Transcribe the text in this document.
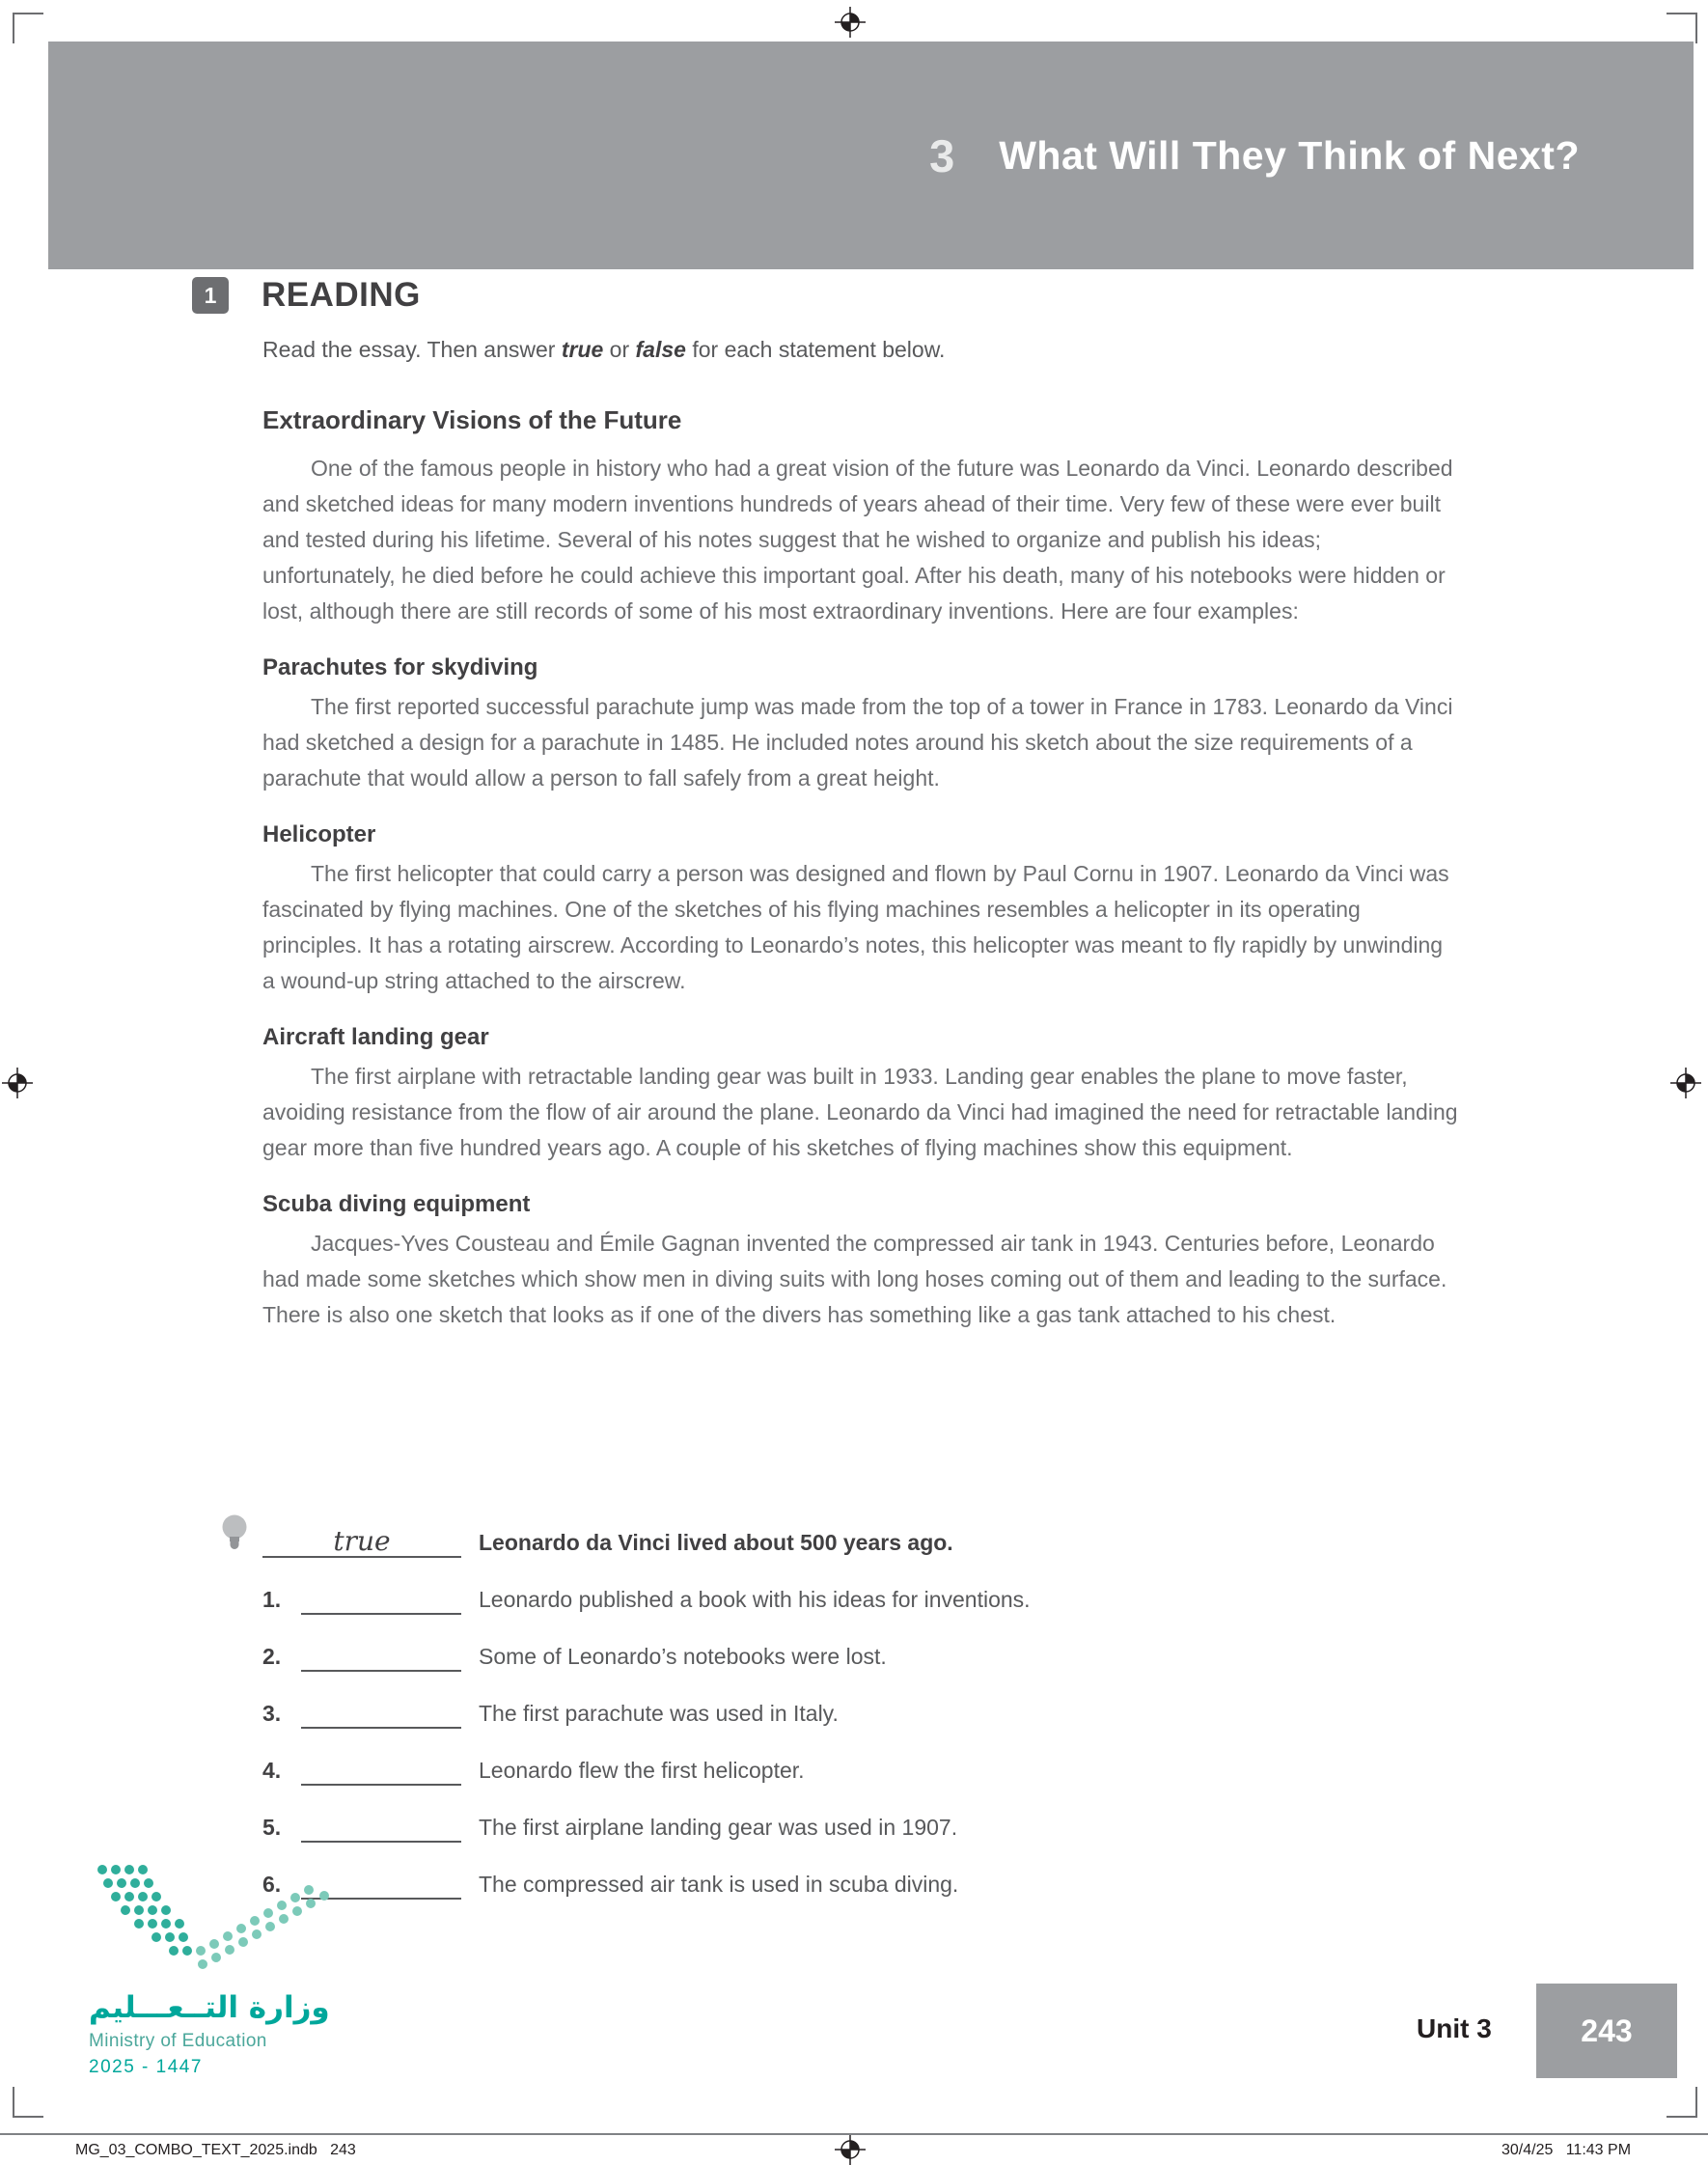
3 What Will They Think of Next?
1	READING

Read the essay. Then answer true or false for each statement below.

Extraordinary Visions of the Future

One of the famous people in history who had a great vision of the future was Leonardo da Vinci. Leonardo described and sketched ideas for many modern inventions hundreds of years ahead of their time. Very few of these were ever built and tested during his lifetime. Several of his notes suggest that he wished to organize and publish his ideas; unfortunately, he died before he could achieve this important goal. After his death, many of his notebooks were hidden or lost, although there are still records of some of his most extraordinary inventions. Here are four examples:

Parachutes for skydiving

The first reported successful parachute jump was made from the top of a tower in France in 1783. Leonardo da Vinci had sketched a design for a parachute in 1485. He included notes around his sketch about the size requirements of a parachute that would allow a person to fall safely from a great height.

Helicopter

The first helicopter that could carry a person was designed and flown by Paul Cornu in 1907. Leonardo da Vinci was fascinated by flying machines. One of the sketches of his flying machines resembles a helicopter in its operating principles. It has a rotating airscrew. According to Leonardo’s notes, this helicopter was meant to fly rapidly by unwinding a wound-up string attached to the airscrew.

Aircraft landing gear

The first airplane with retractable landing gear was built in 1933. Landing gear enables the plane to move faster, avoiding resistance from the flow of air around the plane. Leonardo da Vinci had imagined the need for retractable landing gear more than five hundred years ago. A couple of his sketches of flying machines show this equipment.

Scuba diving equipment

Jacques-Yves Cousteau and Émile Gagnan invented the compressed air tank in 1943. Centuries before, Leonardo had made some sketches which show men in diving suits with long hoses coming out of them and leading to the surface. There is also one sketch that looks as if one of the divers has something like a gas tank attached to his chest.

true	Leonardo da Vinci lived about 500 years ago.
1.	Leonardo published a book with his ideas for inventions.
2.	Some of Leonardo’s notebooks were lost.
3.	The first parachute was used in Italy.
4.	Leonardo flew the first helicopter.
5.	The first airplane landing gear was used in 1907.
6.	The compressed air tank is used in scuba diving.
وزارة التــعـــليم
Ministry of Education
2025 - 1447
Unit 3	243
MG_03_COMBO_TEXT_2025.indb   243	30/4/25   11:43 PM
